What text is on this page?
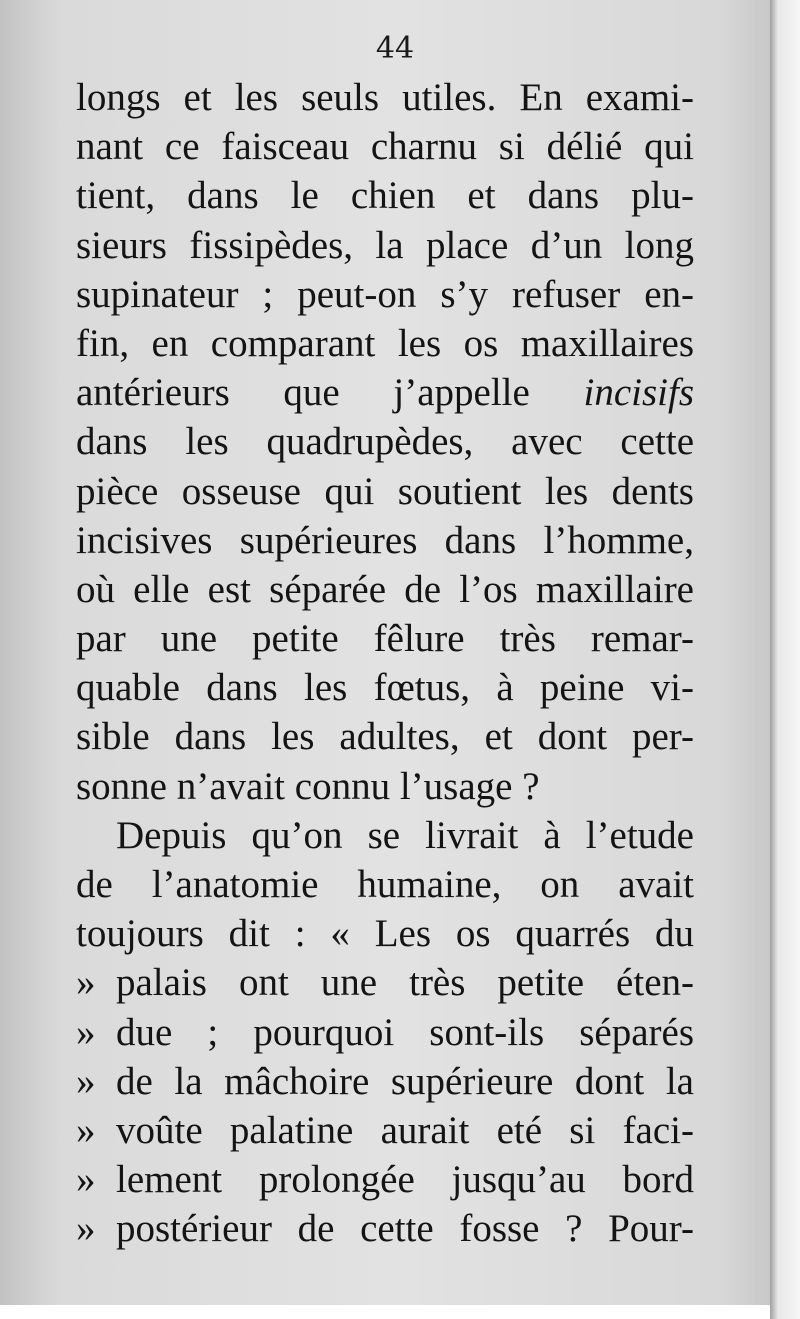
44
longs et les seuls utiles. En exami-
nant ce faisceau charnu si délié qui
tient, dans le chien et dans plu-
sieurs fissipèdes, la place d’un long
supinateur ; peut-on s’y refuser en-
fin, en comparant les os maxillaires
antérieurs que j’appelle incisifs
dans les quadrupèdes, avec cette
pièce osseuse qui soutient les dents
incisives supérieures dans l’homme,
où elle est séparée de l’os maxillaire
par une petite fêlure très remar-
quable dans les fœtus, à peine vi-
sible dans les adultes, et dont per-
sonne n’avait connu l’usage ?
Depuis qu’on se livrait à l’etude
de l’anatomie humaine, on avait
toujours dit : « Les os quarrés du
» palais ont une très petite éten-
» due ; pourquoi sont-ils séparés
» de la mâchoire supérieure dont la
» voûte palatine aurait eté si faci-
» lement prolongée jusqu’au bord
» postérieur de cette fosse ? Pour-
